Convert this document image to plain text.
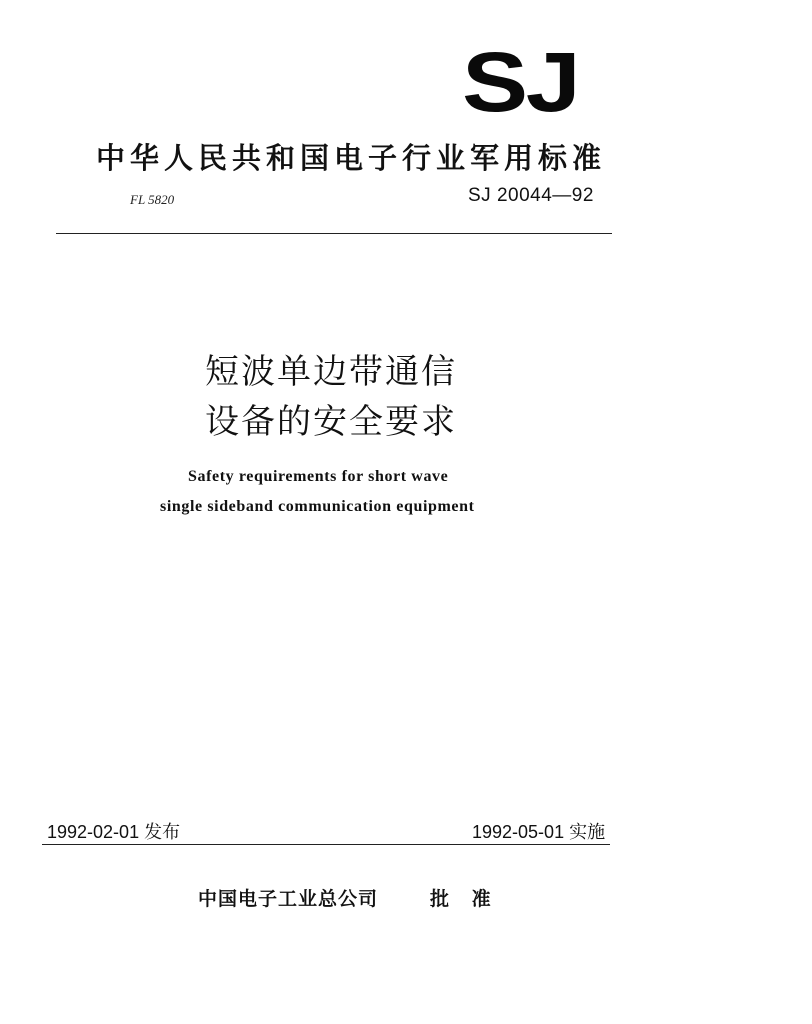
SJ
中华人民共和国电子行业军用标准
FL 5820	SJ 20044—92
短波单边带通信
设备的安全要求
Safety requirements for short wave
single sideband communication equipment
1992-02-01 发布	1992-05-01 实施
中国电子工业总公司	批 准
